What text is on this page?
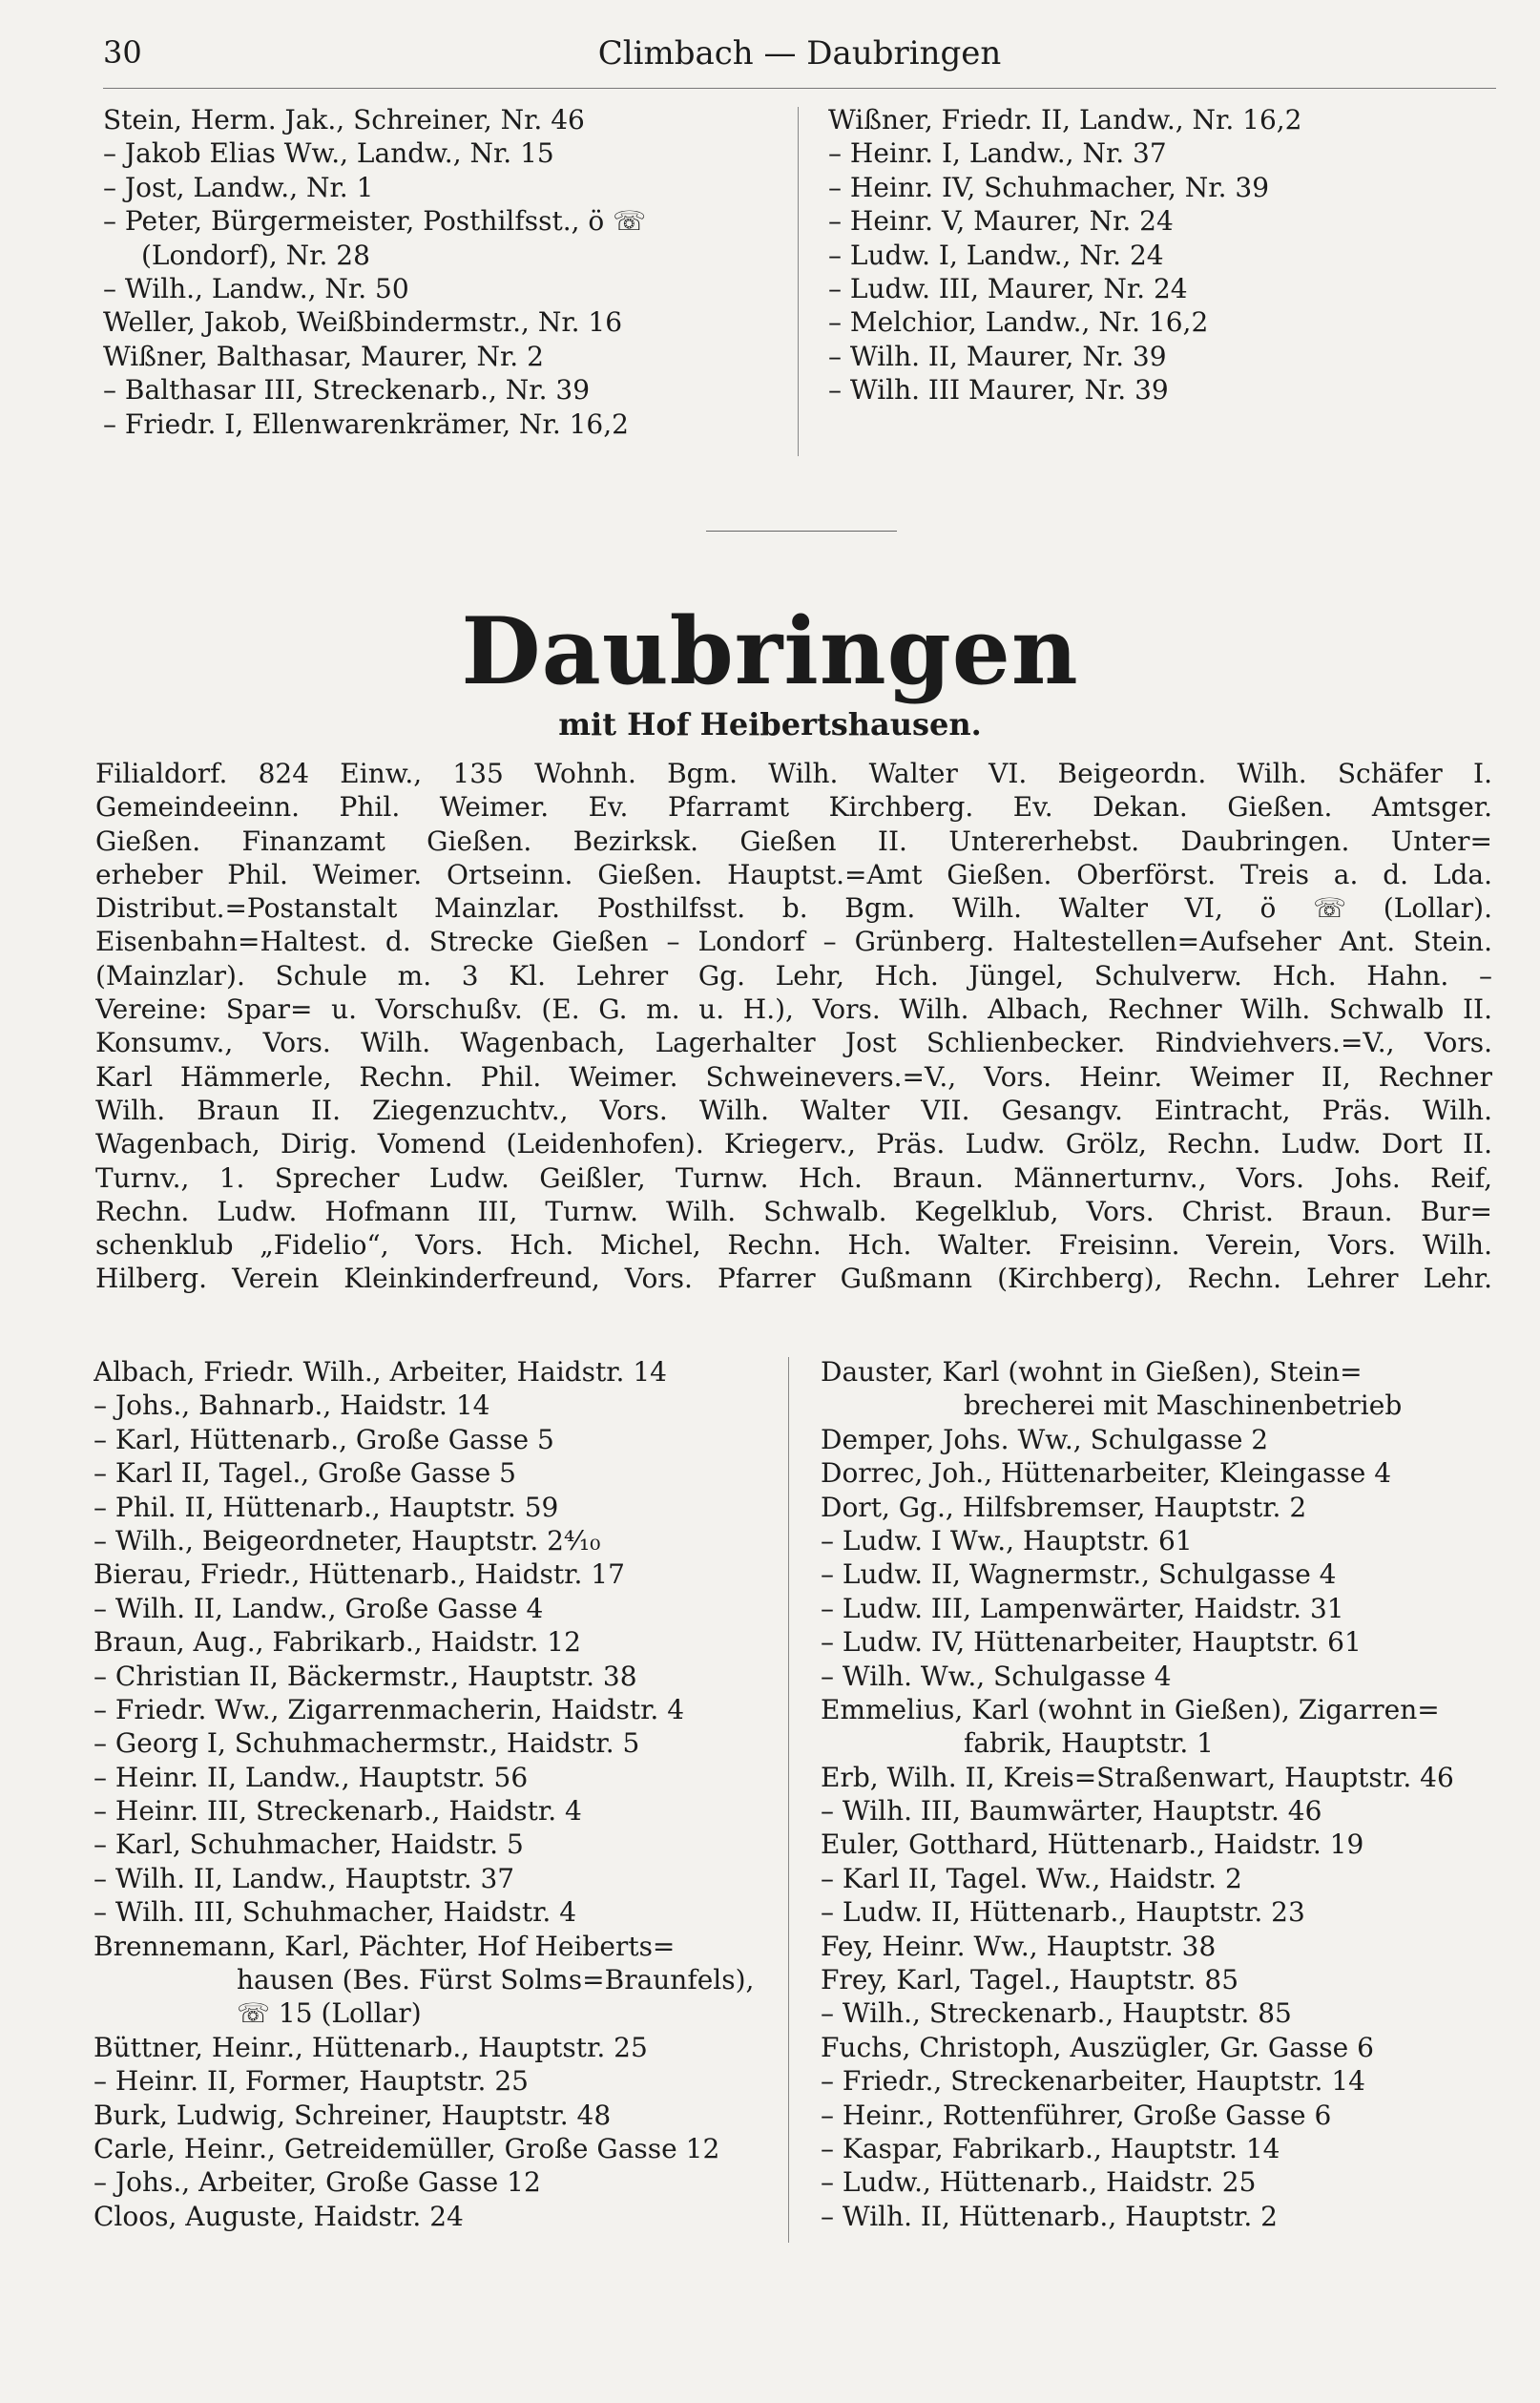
30	Climbach — Daubringen
Stein, Herm. Jak., Schreiner, Nr. 46
– Jakob Elias Ww., Landw., Nr. 15
– Jost, Landw., Nr. 1
– Peter, Bürgermeister, Posthilfsst., ö ☏
(Londorf), Nr. 28
– Wilh., Landw., Nr. 50
Weller, Jakob, Weißbindermstr., Nr. 16
Wißner, Balthasar, Maurer, Nr. 2
– Balthasar III, Streckenarb., Nr. 39
– Friedr. I, Ellenwarenkrämer, Nr. 16,2
Wißner, Friedr. II, Landw., Nr. 16,2
– Heinr. I, Landw., Nr. 37
– Heinr. IV, Schuhmacher, Nr. 39
– Heinr. V, Maurer, Nr. 24
– Ludw. I, Landw., Nr. 24
– Ludw. III, Maurer, Nr. 24
– Melchior, Landw., Nr. 16,2
– Wilh. II, Maurer, Nr. 39
– Wilh. III Maurer, Nr. 39
Daubringen
mit Hof Heibertshausen.
Filialdorf. 824 Einw., 135 Wohnh. Bgm. Wilh. Walter VI. Beigeordn. Wilh. Schäfer I.
Gemeindeeinn. Phil. Weimer. Ev. Pfarramt Kirchberg. Ev. Dekan. Gießen. Amtsger.
Gießen. Finanzamt Gießen. Bezirksk. Gießen II. Untererhebst. Daubringen. Unter=
erheber Phil. Weimer. Ortseinn. Gießen. Hauptst.=Amt Gießen. Oberförst. Treis a. d. Lda.
Distribut.=Postanstalt Mainzlar. Posthilfsst. b. Bgm. Wilh. Walter VI, ö ☏ (Lollar).
Eisenbahn=Haltest. d. Strecke Gießen – Londorf – Grünberg. Haltestellen=Aufseher Ant. Stein.
(Mainzlar). Schule m. 3 Kl. Lehrer Gg. Lehr, Hch. Jüngel, Schulverw. Hch. Hahn. –
Vereine: Spar= u. Vorschußv. (E. G. m. u. H.), Vors. Wilh. Albach, Rechner Wilh. Schwalb II.
Konsumv., Vors. Wilh. Wagenbach, Lagerhalter Jost Schlienbecker. Rindviehvers.=V., Vors.
Karl Hämmerle, Rechn. Phil. Weimer. Schweinevers.=V., Vors. Heinr. Weimer II, Rechner
Wilh. Braun II. Ziegenzuchtv., Vors. Wilh. Walter VII. Gesangv. Eintracht, Präs. Wilh.
Wagenbach, Dirig. Vomend (Leidenhofen). Kriegerv., Präs. Ludw. Grölz, Rechn. Ludw. Dort II.
Turnv., 1. Sprecher Ludw. Geißler, Turnw. Hch. Braun. Männerturnv., Vors. Johs. Reif,
Rechn. Ludw. Hofmann III, Turnw. Wilh. Schwalb. Kegelklub, Vors. Christ. Braun. Bur=
schenklub „Fidelio“, Vors. Hch. Michel, Rechn. Hch. Walter. Freisinn. Verein, Vors. Wilh.
Hilberg. Verein Kleinkinderfreund, Vors. Pfarrer Gußmann (Kirchberg), Rechn. Lehrer Lehr.
Albach, Friedr. Wilh., Arbeiter, Haidstr. 14
– Johs., Bahnarb., Haidstr. 14
– Karl, Hüttenarb., Große Gasse 5
– Karl II, Tagel., Große Gasse 5
– Phil. II, Hüttenarb., Hauptstr. 59
– Wilh., Beigeordneter, Hauptstr. 2⁴⁄₁₀
Bierau, Friedr., Hüttenarb., Haidstr. 17
– Wilh. II, Landw., Große Gasse 4
Braun, Aug., Fabrikarb., Haidstr. 12
– Christian II, Bäckermstr., Hauptstr. 38
– Friedr. Ww., Zigarrenmacherin, Haidstr. 4
– Georg I, Schuhmachermstr., Haidstr. 5
– Heinr. II, Landw., Hauptstr. 56
– Heinr. III, Streckenarb., Haidstr. 4
– Karl, Schuhmacher, Haidstr. 5
– Wilh. II, Landw., Hauptstr. 37
– Wilh. III, Schuhmacher, Haidstr. 4
Brennemann, Karl, Pächter, Hof Heiberts=
hausen (Bes. Fürst Solms=Braunfels),
☏ 15 (Lollar)
Büttner, Heinr., Hüttenarb., Hauptstr. 25
– Heinr. II, Former, Hauptstr. 25
Burk, Ludwig, Schreiner, Hauptstr. 48
Carle, Heinr., Getreidemüller, Große Gasse 12
– Johs., Arbeiter, Große Gasse 12
Cloos, Auguste, Haidstr. 24
Dauster, Karl (wohnt in Gießen), Stein=
brecherei mit Maschinenbetrieb
Demper, Johs. Ww., Schulgasse 2
Dorrec, Joh., Hüttenarbeiter, Kleingasse 4
Dort, Gg., Hilfsbremser, Hauptstr. 2
– Ludw. I Ww., Hauptstr. 61
– Ludw. II, Wagnermstr., Schulgasse 4
– Ludw. III, Lampenwärter, Haidstr. 31
– Ludw. IV, Hüttenarbeiter, Hauptstr. 61
– Wilh. Ww., Schulgasse 4
Emmelius, Karl (wohnt in Gießen), Zigarren=
fabrik, Hauptstr. 1
Erb, Wilh. II, Kreis=Straßenwart, Hauptstr. 46
– Wilh. III, Baumwärter, Hauptstr. 46
Euler, Gotthard, Hüttenarb., Haidstr. 19
– Karl II, Tagel. Ww., Haidstr. 2
– Ludw. II, Hüttenarb., Hauptstr. 23
Fey, Heinr. Ww., Hauptstr. 38
Frey, Karl, Tagel., Hauptstr. 85
– Wilh., Streckenarb., Hauptstr. 85
Fuchs, Christoph, Auszügler, Gr. Gasse 6
– Friedr., Streckenarbeiter, Hauptstr. 14
– Heinr., Rottenführer, Große Gasse 6
– Kaspar, Fabrikarb., Hauptstr. 14
– Ludw., Hüttenarb., Haidstr. 25
– Wilh. II, Hüttenarb., Hauptstr. 2
